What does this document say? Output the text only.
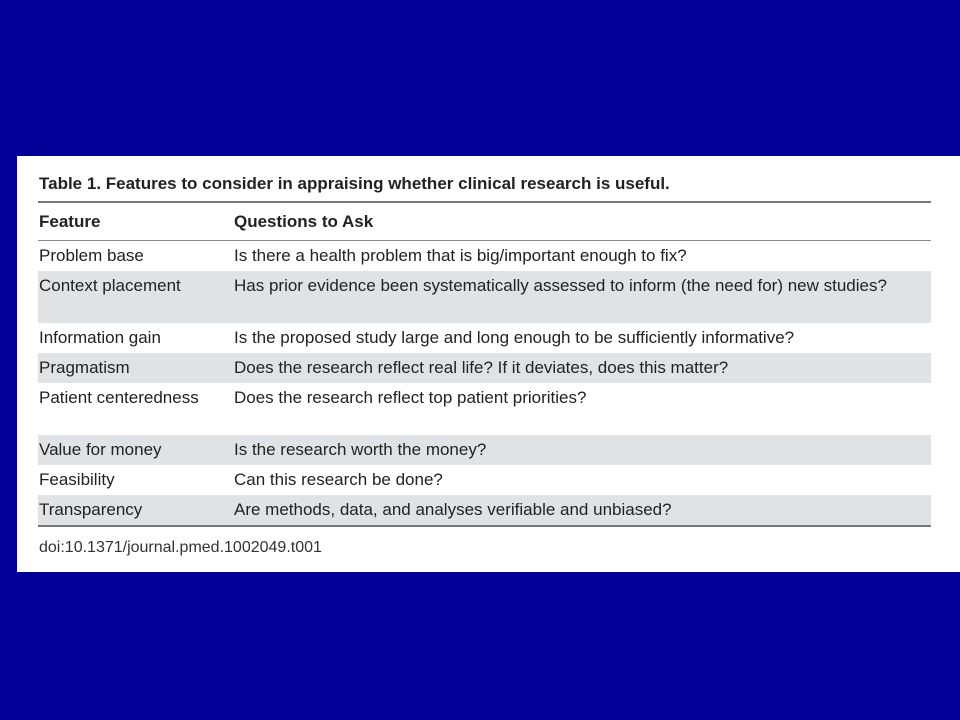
Table 1. Features to consider in appraising whether clinical research is useful.
Feature	Questions to Ask
Problem base	Is there a health problem that is big/important enough to fix?
Context placement	Has prior evidence been systematically assessed to inform (the need for) new studies?
Information gain	Is the proposed study large and long enough to be sufficiently informative?
Pragmatism	Does the research reflect real life? If it deviates, does this matter?
Patient centeredness	Does the research reflect top patient priorities?
Value for money	Is the research worth the money?
Feasibility	Can this research be done?
Transparency	Are methods, data, and analyses verifiable and unbiased?
doi:10.1371/journal.pmed.1002049.t001
